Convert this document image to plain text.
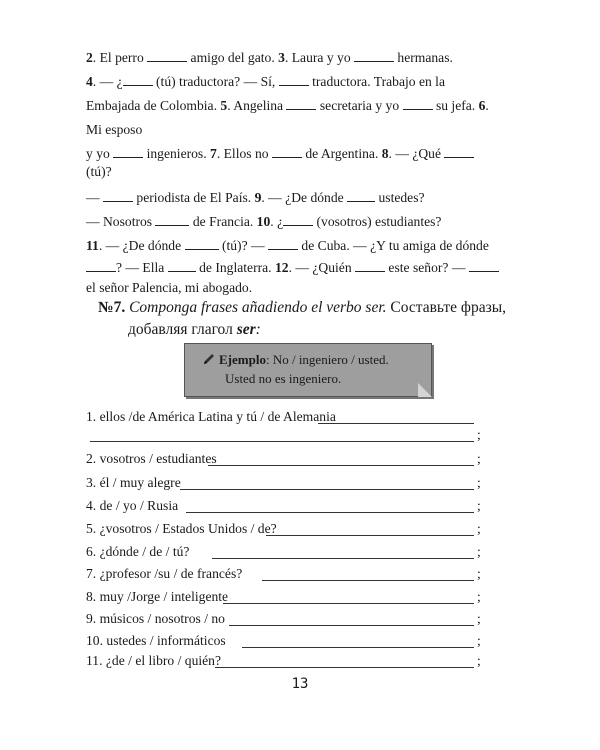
2. El perro	amigo del gato. 3. Laura y yo	hermanas.
4. — ¿ (tú) traductora? — Sí,  traductora. Trabajo en la
Embajada de Colombia. 5. Angelina  secretaria y yo  su jefa. 6.
Mi esposo
y yo  ingenieros. 7. Ellos no  de Argentina. 8. — ¿Qué
(tú)?
—  periodista de El País. 9. — ¿De dónde  ustedes?
— Nosotros	de Francia. 10. ¿ (vosotros) estudiantes?
11. — ¿De dónde	(tú)? —  de Cuba. — ¿Y tu amiga de dónde
? — Ella  de Inglaterra. 12. — ¿Quién  este señor? —
el señor Palencia, mi abogado.
№7. Componga frases añadiendo el verbo ser. Составьте фразы,
добавляя глагол ser:
Ejemplo: No / ingeniero / usted.
Usted no es ingeniero.
1. ellos /de América Latina y tú / de Alemania
2. vosotros / estudiantes	;
3. él / muy alegre	;
4. de / yo / Rusia	;
5. ¿vosotros / Estados Unidos / de?	;
6. ¿dónde / de / tú?	;
7. ¿profesor /su / de francés?	;
8. muy /Jorge / inteligente	;
9. músicos / nosotros / no	;
10. ustedes / informáticos	;
11. ¿de / el libro / quién?	;
;
13
